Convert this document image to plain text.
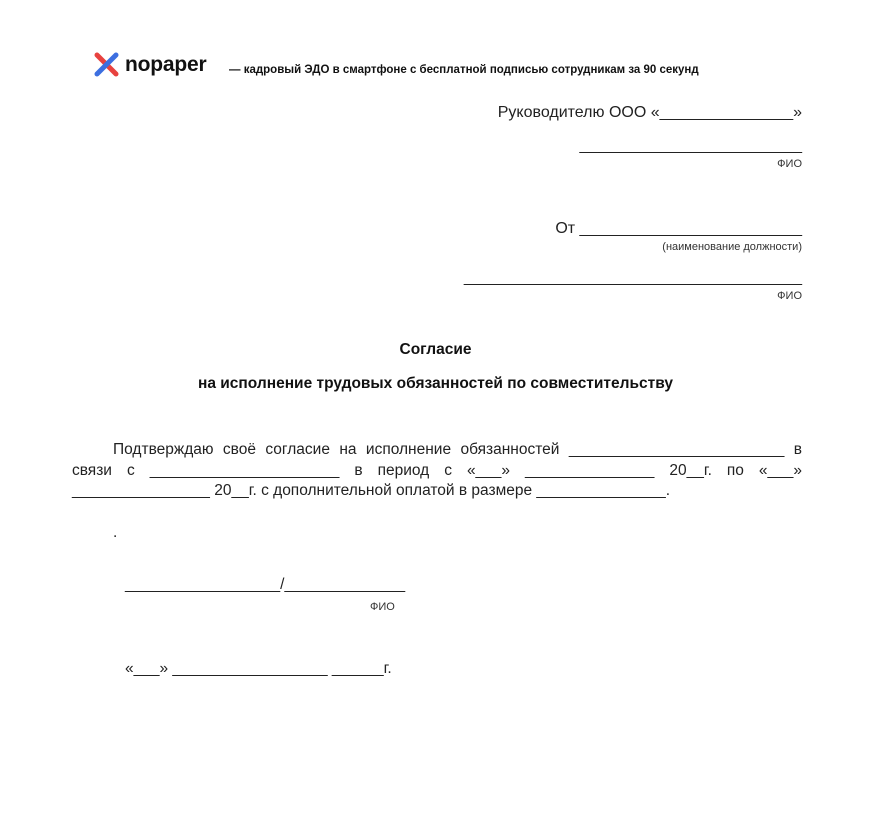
nopaper — кадровый ЭДО в смартфоне с бесплатной подписью сотрудникам за 90 секунд
Руководителю ООО «_______________»
_________________________
ФИО
От _________________________
(наименование должности)
______________________________________
ФИО
Согласие
на исполнение трудовых обязанностей по совместительству
Подтверждаю своё согласие на исполнение обязанностей _________________________ в связи с ______________________ в период с «___» _______________ 20__г. по «___» ________________ 20__г. с дополнительной оплатой в размере _______________.
.
__________________/______________
ФИО
«___» __________________ ______г.
